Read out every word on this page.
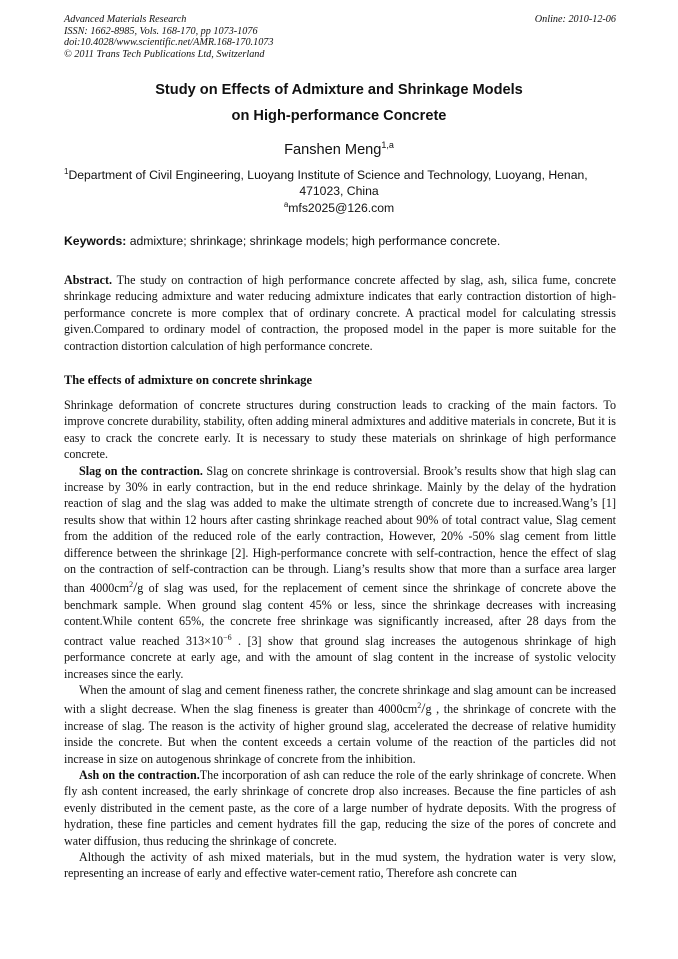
Advanced Materials Research
ISSN: 1662-8985, Vols. 168-170, pp 1073-1076
doi:10.4028/www.scientific.net/AMR.168-170.1073
© 2011 Trans Tech Publications Ltd, Switzerland
Online: 2010-12-06
Study on Effects of Admixture and Shrinkage Models
on High-performance Concrete
Fanshen Meng$^{1,a}$
$^1$Department of Civil Engineering, Luoyang Institute of Science and Technology, Luoyang, Henan,
471023, China
$^a$mfs2025@126.com
Keywords: admixture; shrinkage; shrinkage models; high performance concrete.
Abstract. The study on contraction of high performance concrete affected by slag, ash, silica fume, concrete shrinkage reducing admixture and water reducing admixture indicates that early contraction distortion of high-performance concrete is more complex that of ordinary concrete. A practical model for calculating stressis given.Compared to ordinary model of contraction, the proposed model in the paper is more suitable for the contraction distortion calculation of high performance concrete.
The effects of admixture on concrete shrinkage

Shrinkage deformation of concrete structures during construction leads to cracking of the main factors. To improve concrete durability, stability, often adding mineral admixtures and additive materials in concrete, But it is easy to crack the concrete early. It is necessary to study these materials on shrinkage of high performance concrete.

Slag on the contraction. Slag on concrete shrinkage is controversial. Brook’s results show that high slag can increase by 30% in early contraction, but in the end reduce shrinkage. Mainly by the delay of the hydration reaction of slag and the slag was added to make the ultimate strength of concrete due to increased.Wang’s [1] results show that within 12 hours after casting shrinkage reached about 90% of total contract value, Slag cement from the addition of the reduced role of the early contraction, However, 20% -50% slag cement from little difference between the shrinkage [2]. High-performance concrete with self-contraction, hence the effect of slag on the contraction of self-contraction can be through. Liang’s results show that more than a surface area larger than $4000cm^2/g$ of slag was used, for the replacement of cement since the shrinkage of concrete above the benchmark sample. When ground slag content 45% or less, since the shrinkage decreases with increasing content.While content 65%, the concrete free shrinkage was significantly increased, after 28 days from the contract value reached $313\times 10^{-6}$ . [3] show that ground slag increases the autogenous shrinkage of high performance concrete at early age, and with the amount of slag content in the increase of systolic velocity increases since the early.

When the amount of slag and cement fineness rather, the concrete shrinkage and slag amount can be increased with a slight decrease. When the slag fineness is greater than $4000cm^2/g$ , the shrinkage of concrete with the increase of slag. The reason is the activity of higher ground slag, accelerated the decrease of relative humidity inside the concrete. But when the content exceeds a certain volume of the reaction of the particles did not increase in size on autogenous shrinkage of concrete from the inhibition.

Ash on the contraction.The incorporation of ash can reduce the role of the early shrinkage of concrete. When fly ash content increased, the early shrinkage of concrete drop also increases. Because the fine particles of ash evenly distributed in the cement paste, as the core of a large number of hydrate deposits. With the progress of hydration, these fine particles and cement hydrates fill the gap, reducing the size of the pores of concrete and water diffusion, thus reducing the shrinkage of concrete.

Although the activity of ash mixed materials, but in the mud system, the hydration water is very slow, representing an increase of early and effective water-cement ratio, Therefore ash concrete can
